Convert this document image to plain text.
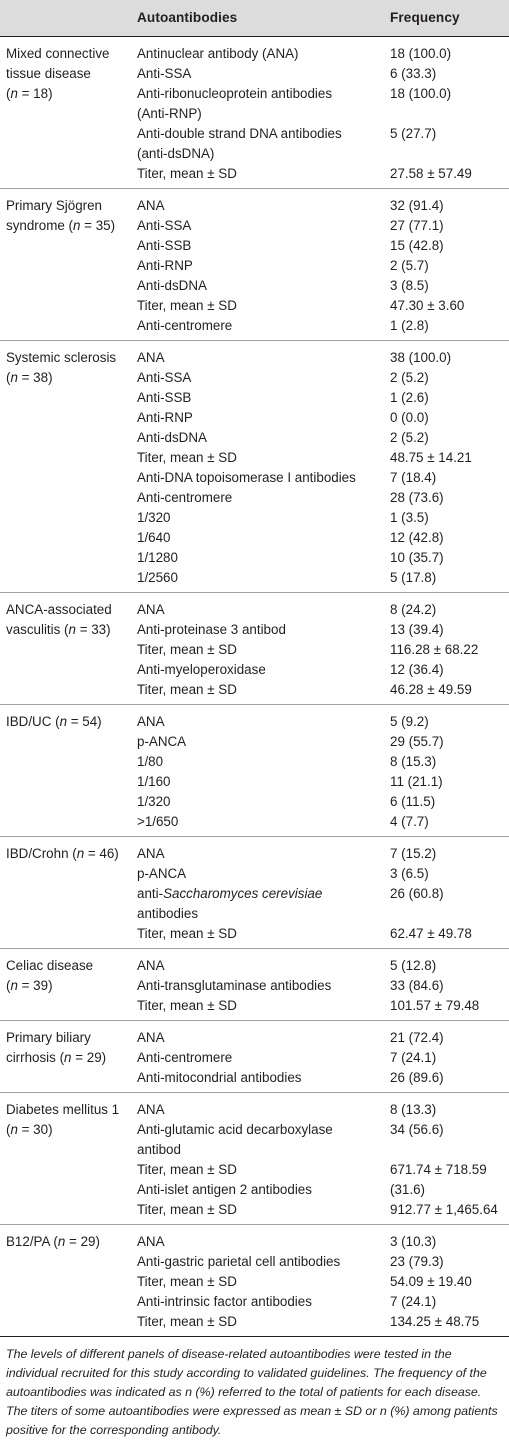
Autoantibodies	Frequency
Mixed connective
tissue disease
(n = 18)
Antinuclear antibody (ANA)	18 (100.0)
Anti-SSA	6 (33.3)
Anti-ribonucleoprotein antibodies	18 (100.0)
(Anti-RNP)
Anti-double strand DNA antibodies	5 (27.7)
(anti-dsDNA)
Titer, mean ± SD	27.58 ± 57.49
Primary Sjögren
syndrome (n = 35)
ANA	32 (91.4)
Anti-SSA	27 (77.1)
Anti-SSB	15 (42.8)
Anti-RNP	2 (5.7)
Anti-dsDNA	3 (8.5)
Titer, mean ± SD	47.30 ± 3.60
Anti-centromere	1 (2.8)
Systemic sclerosis
(n = 38)
ANA	38 (100.0)
Anti-SSA	2 (5.2)
Anti-SSB	1 (2.6)
Anti-RNP	0 (0.0)
Anti-dsDNA	2 (5.2)
Titer, mean ± SD	48.75 ± 14.21
Anti-DNA topoisomerase I antibodies	7 (18.4)
Anti-centromere	28 (73.6)
1/320	1 (3.5)
1/640	12 (42.8)
1/1280	10 (35.7)
1/2560	5 (17.8)
ANCA-associated
vasculitis (n = 33)
ANA	8 (24.2)
Anti-proteinase 3 antibod	13 (39.4)
Titer, mean ± SD	116.28 ± 68.22
Anti-myeloperoxidase	12 (36.4)
Titer, mean ± SD	46.28 ± 49.59
IBD/UC (n = 54)	ANA	5 (9.2)
p-ANCA	29 (55.7)
1/80	8 (15.3)
1/160	11 (21.1)
1/320	6 (11.5)
>1/650	4 (7.7)
IBD/Crohn (n = 46)	ANA	7 (15.2)
p-ANCA	3 (6.5)
anti-Saccharomyces cerevisiae	26 (60.8)
antibodies
Titer, mean ± SD	62.47 ± 49.78
Celiac disease
(n = 39)
ANA	5 (12.8)
Anti-transglutaminase antibodies	33 (84.6)
Titer, mean ± SD	101.57 ± 79.48
Primary biliary
cirrhosis (n = 29)
ANA	21 (72.4)
Anti-centromere	7 (24.1)
Anti-mitocondrial antibodies	26 (89.6)
Diabetes mellitus 1
(n = 30)
ANA	8 (13.3)
Anti-glutamic acid decarboxylase	34 (56.6)
antibod
Titer, mean ± SD	671.74 ± 718.59
Anti-islet antigen 2 antibodies	(31.6)
Titer, mean ± SD	912.77 ± 1,465.64
B12/PA (n = 29)	ANA	3 (10.3)
Anti-gastric parietal cell antibodies	23 (79.3)
Titer, mean ± SD	54.09 ± 19.40
Anti-intrinsic factor antibodies	7 (24.1)
Titer, mean ± SD	134.25 ± 48.75
The levels of different panels of disease-related autoantibodies were tested in the individual recruited for this study according to validated guidelines. The frequency of the autoantibodies was indicated as n (%) referred to the total of patients for each disease. The titers of some autoantibodies were expressed as mean ± SD or n (%) among patients positive for the corresponding antibody.
